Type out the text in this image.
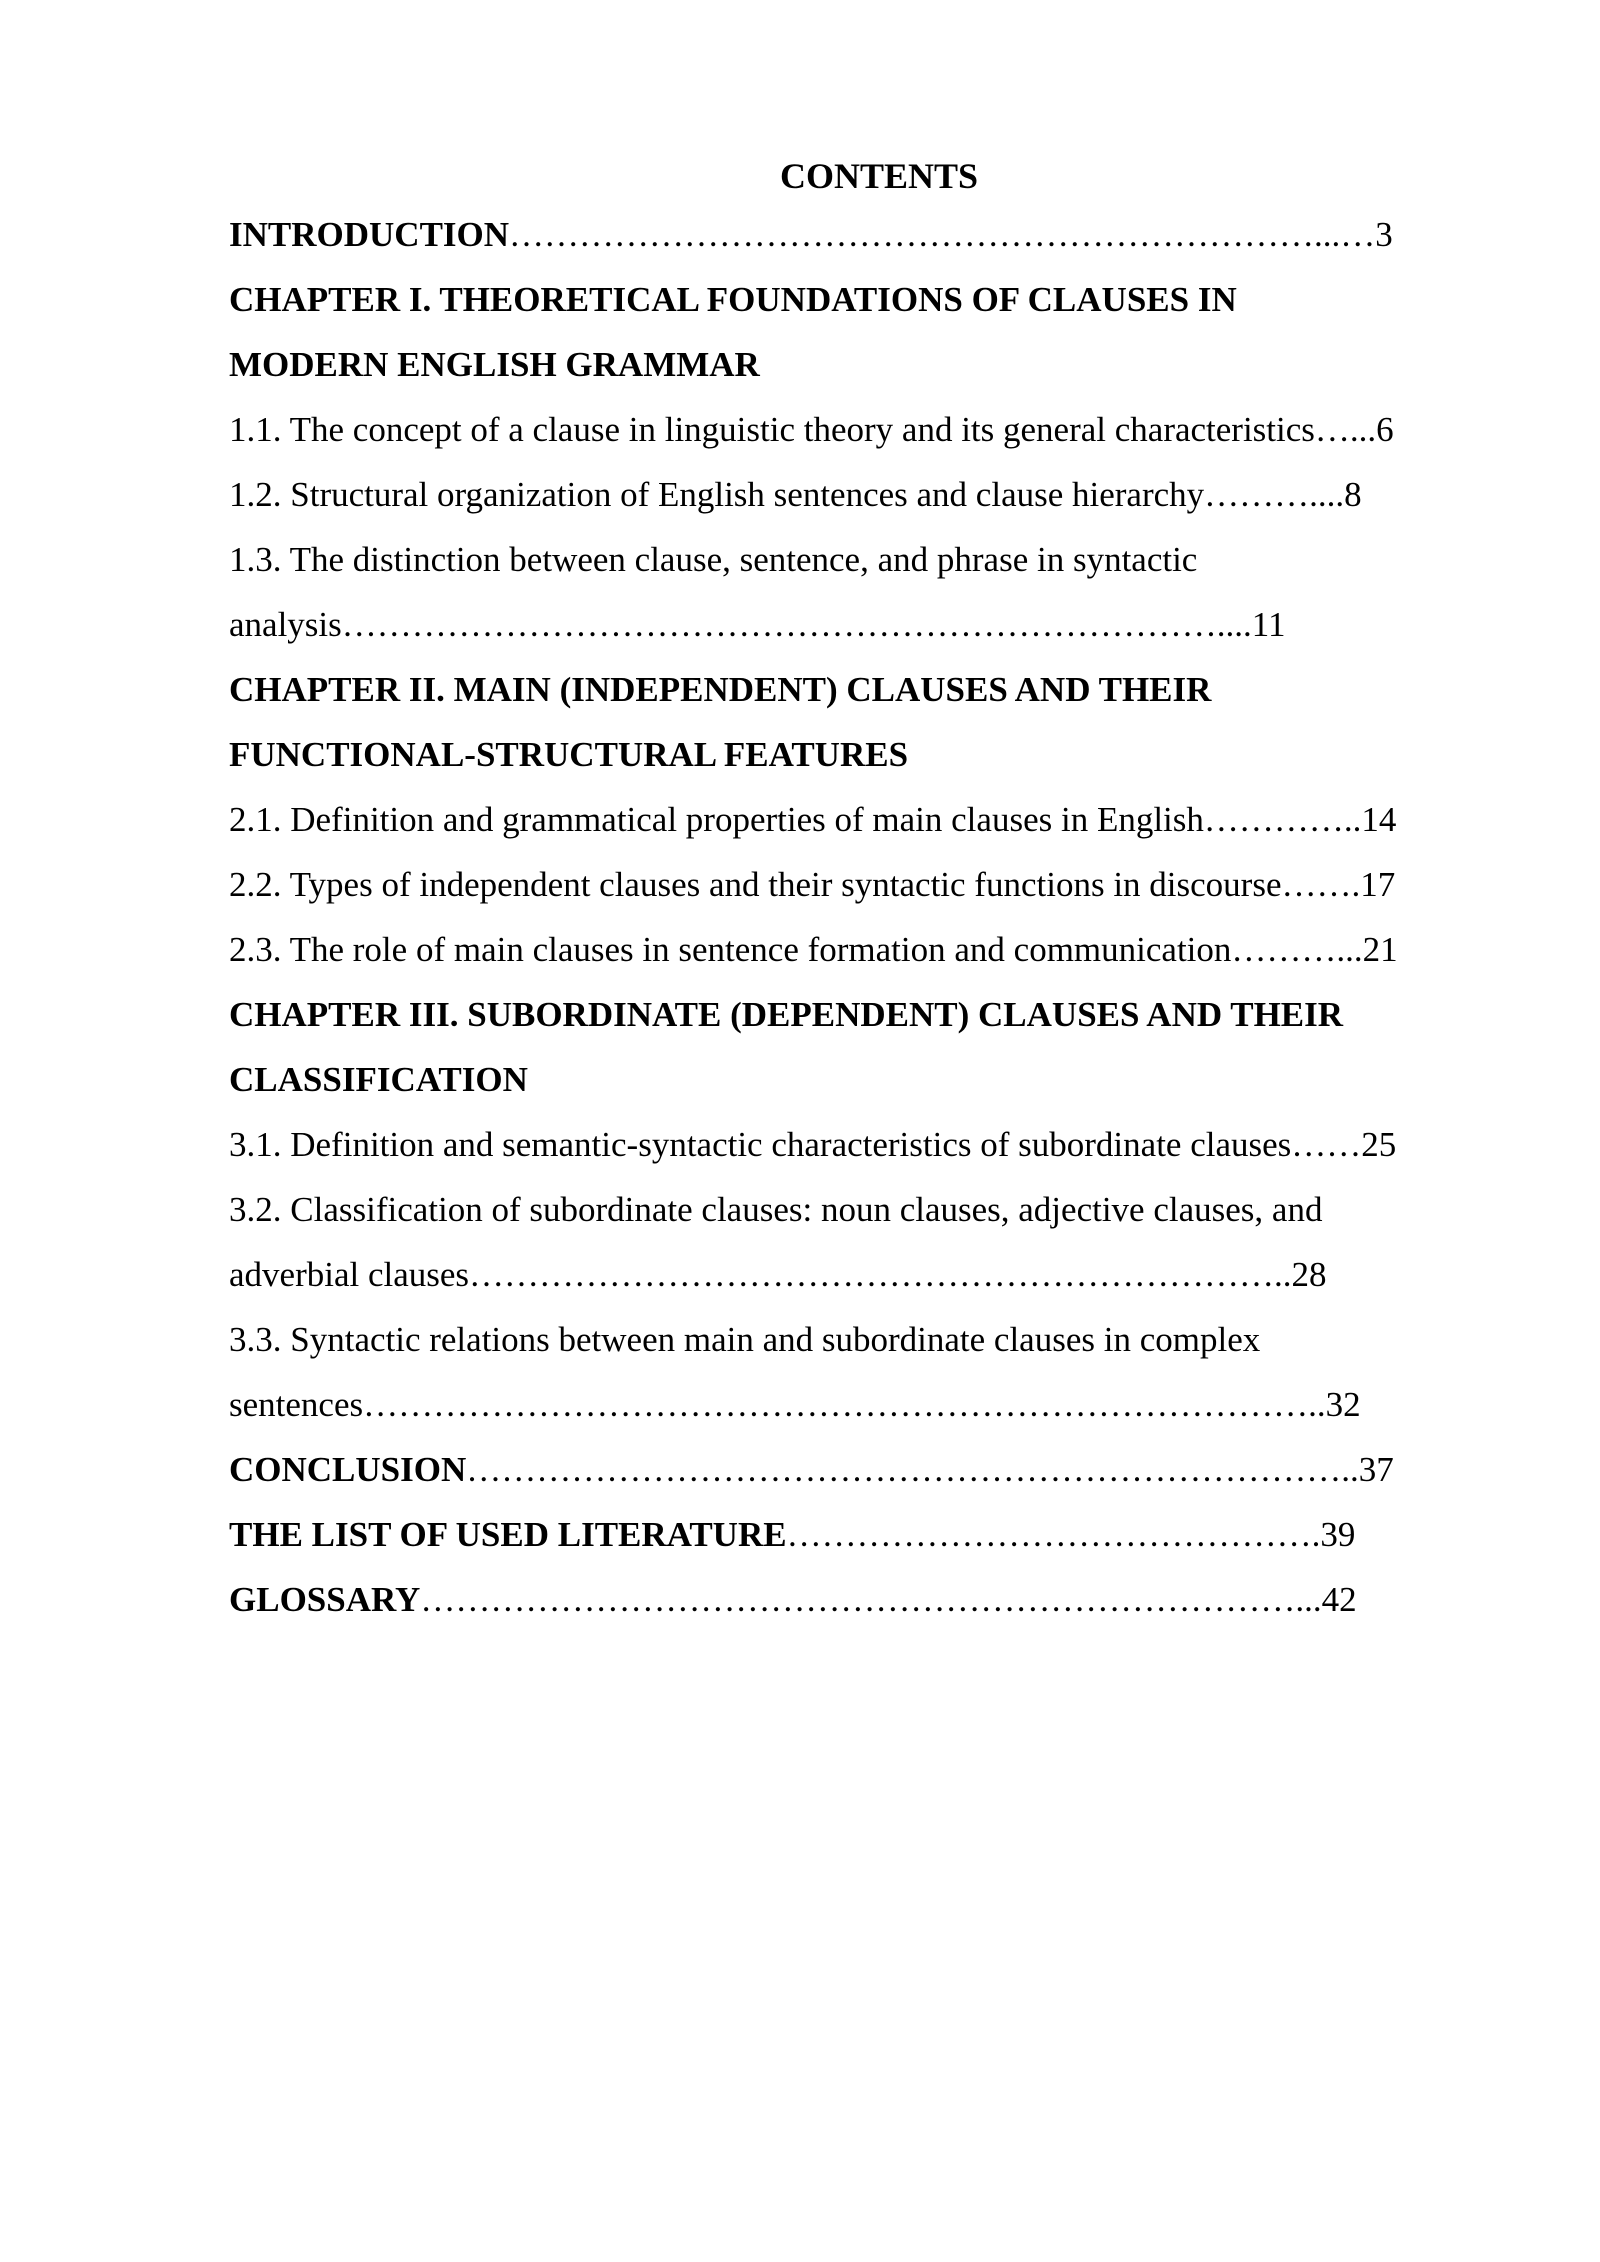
CONTENTS
INTRODUCTION……………………………………………………………...…3
CHAPTER I. THEORETICAL FOUNDATIONS OF CLAUSES IN
MODERN ENGLISH GRAMMAR
1.1. The concept of a clause in linguistic theory and its general characteristics…...6
1.2. Structural organization of English sentences and clause hierarchy………....8
1.3. The distinction between clause, sentence, and phrase in syntactic
analysis…………………………………………………………………....11
CHAPTER II. MAIN (INDEPENDENT) CLAUSES AND THEIR
FUNCTIONAL-STRUCTURAL FEATURES
2.1. Definition and grammatical properties of main clauses in English…………..14
2.2. Types of independent clauses and their syntactic functions in discourse…….17
2.3. The role of main clauses in sentence formation and communication………...21
CHAPTER III. SUBORDINATE (DEPENDENT) CLAUSES AND THEIR
CLASSIFICATION
3.1. Definition and semantic-syntactic characteristics of subordinate clauses……25
3.2. Classification of subordinate clauses: noun clauses, adjective clauses, and
adverbial clauses……………………………………………………………..28
3.3. Syntactic relations between main and subordinate clauses in complex
sentences………………………………………………………………………..32
CONCLUSION…………………………………………………………………..37
THE LIST OF USED LITERATURE……………………………………….39
GLOSSARY…………………………………………………………………...42
